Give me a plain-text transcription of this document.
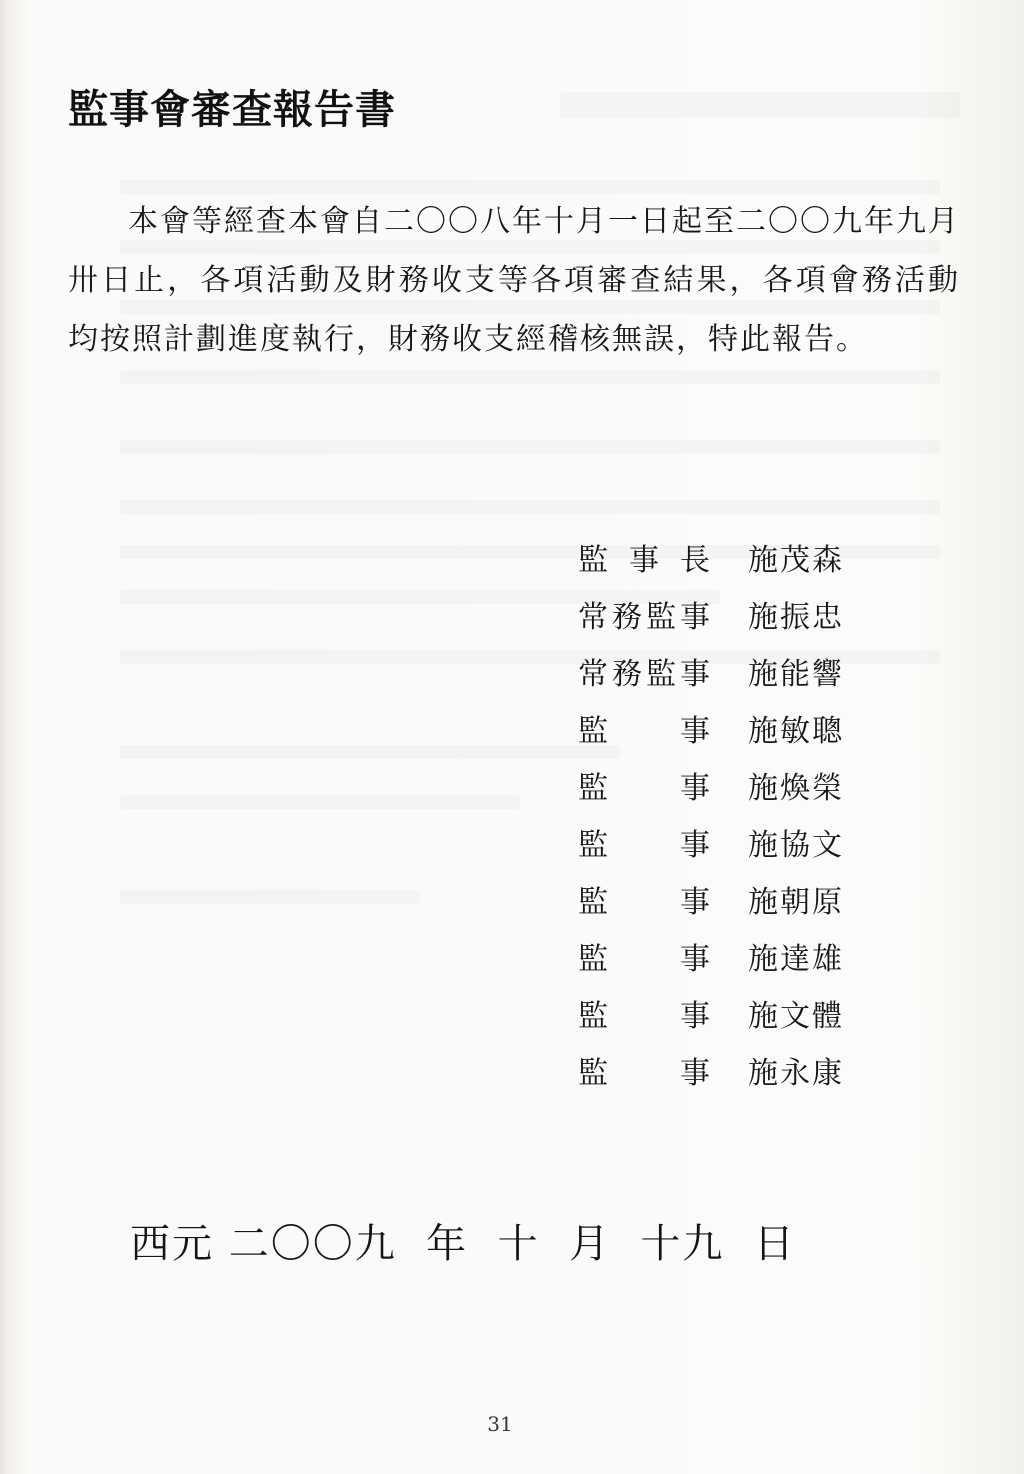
監事會審查報告書
本會等經查本會自二〇〇八年十月一日起至二〇〇九年九月卅日止，各項活動及財務收支等各項審查結果，各項會務活動均按照計劃進度執行，財務收支經稽核無誤，特此報告。
監 事 長 施茂森
常 務 監 事 施振忠
常 務 監 事 施能響
監 事 施敏聰
監 事 施煥榮
監 事 施協文
監 事 施朝原
監 事 施達雄
監 事 施文體
監 事 施永康
西元 二〇〇九  年  十  月  十九  日
31
